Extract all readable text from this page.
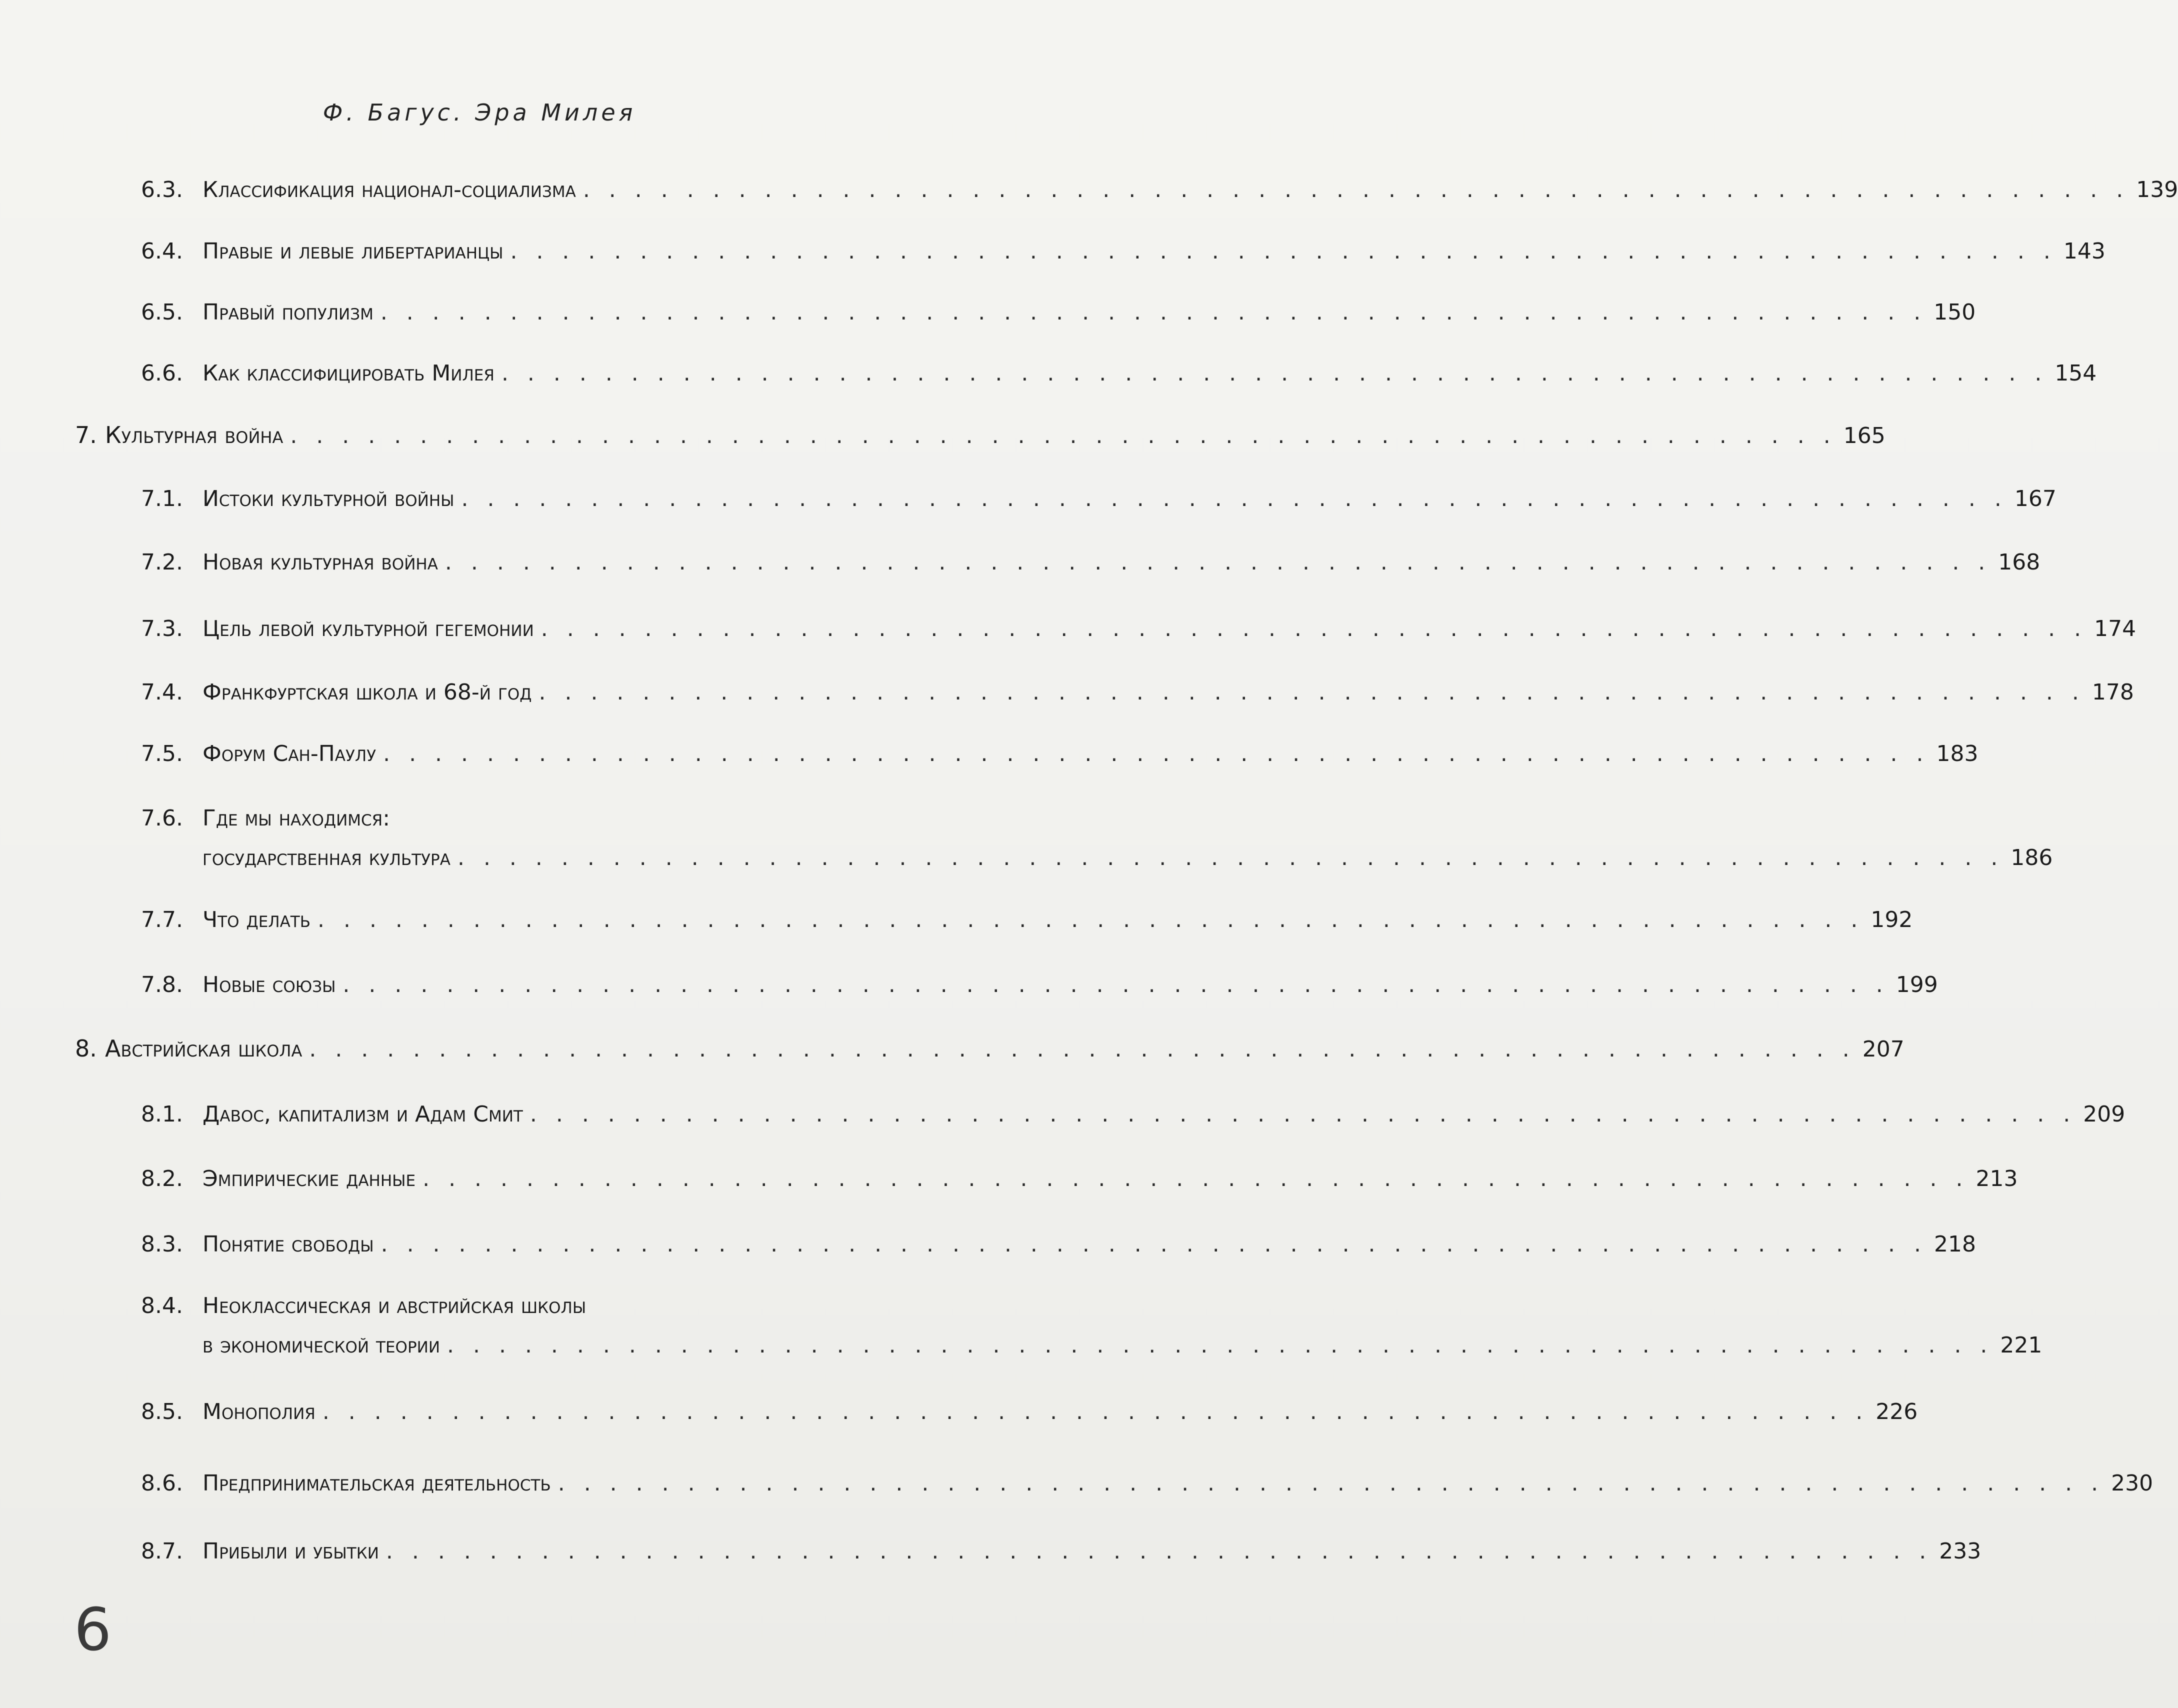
Ф. Багус. Эра Милея
6.3. Классификация национал-социализма . . . . . . . . . . . . . . . . . . . . . . . . . . . . . . . . . . . . . . . . . . . . . . . . . . . . . . . . . . . . 139
6.4. Правые и левые либертарианцы . . . . . . . . . . . . . . . . . . . . . . . . . . . . . . . . . . . . . . . . . . . . . . . . . . . . . . . . . . . . 143
6.5. Правый популизм . . . . . . . . . . . . . . . . . . . . . . . . . . . . . . . . . . . . . . . . . . . . . . . . . . . . . . . . . . . . 150
6.6. Как классифицировать Милея . . . . . . . . . . . . . . . . . . . . . . . . . . . . . . . . . . . . . . . . . . . . . . . . . . . . . . . . . . . . 154
7. Культурная война . . . . . . . . . . . . . . . . . . . . . . . . . . . . . . . . . . . . . . . . . . . . . . . . . . . . . . . . . . . . 165
7.1. Истоки культурной войны . . . . . . . . . . . . . . . . . . . . . . . . . . . . . . . . . . . . . . . . . . . . . . . . . . . . . . . . . . . . 167
7.2. Новая культурная война . . . . . . . . . . . . . . . . . . . . . . . . . . . . . . . . . . . . . . . . . . . . . . . . . . . . . . . . . . . . 168
7.3. Цель левой культурной гегемонии . . . . . . . . . . . . . . . . . . . . . . . . . . . . . . . . . . . . . . . . . . . . . . . . . . . . . . . . . . . . 174
7.4. Франкфуртская школа и 68-й год . . . . . . . . . . . . . . . . . . . . . . . . . . . . . . . . . . . . . . . . . . . . . . . . . . . . . . . . . . . . 178
7.5. Форум Сан-Паулу . . . . . . . . . . . . . . . . . . . . . . . . . . . . . . . . . . . . . . . . . . . . . . . . . . . . . . . . . . . . 183
7.6. Где мы находимся:
государственная культура . . . . . . . . . . . . . . . . . . . . . . . . . . . . . . . . . . . . . . . . . . . . . . . . . . . . . . . . . . . . 186
7.7. Что делать . . . . . . . . . . . . . . . . . . . . . . . . . . . . . . . . . . . . . . . . . . . . . . . . . . . . . . . . . . . . 192
7.8. Новые союзы . . . . . . . . . . . . . . . . . . . . . . . . . . . . . . . . . . . . . . . . . . . . . . . . . . . . . . . . . . . . 199
8. Австрийская школа . . . . . . . . . . . . . . . . . . . . . . . . . . . . . . . . . . . . . . . . . . . . . . . . . . . . . . . . . . . . 207
8.1. Давос, капитализм и Адам Смит . . . . . . . . . . . . . . . . . . . . . . . . . . . . . . . . . . . . . . . . . . . . . . . . . . . . . . . . . . . . 209
8.2. Эмпирические данные . . . . . . . . . . . . . . . . . . . . . . . . . . . . . . . . . . . . . . . . . . . . . . . . . . . . . . . . . . . . 213
8.3. Понятие свободы . . . . . . . . . . . . . . . . . . . . . . . . . . . . . . . . . . . . . . . . . . . . . . . . . . . . . . . . . . . . 218
8.4. Неоклассическая и австрийская школы
в экономической теории . . . . . . . . . . . . . . . . . . . . . . . . . . . . . . . . . . . . . . . . . . . . . . . . . . . . . . . . . . . . 221
8.5. Монополия . . . . . . . . . . . . . . . . . . . . . . . . . . . . . . . . . . . . . . . . . . . . . . . . . . . . . . . . . . . . 226
8.6. Предпринимательская деятельность . . . . . . . . . . . . . . . . . . . . . . . . . . . . . . . . . . . . . . . . . . . . . . . . . . . . . . . . . . . . 230
8.7. Прибыли и убытки . . . . . . . . . . . . . . . . . . . . . . . . . . . . . . . . . . . . . . . . . . . . . . . . . . . . . . . . . . . . 233
6
